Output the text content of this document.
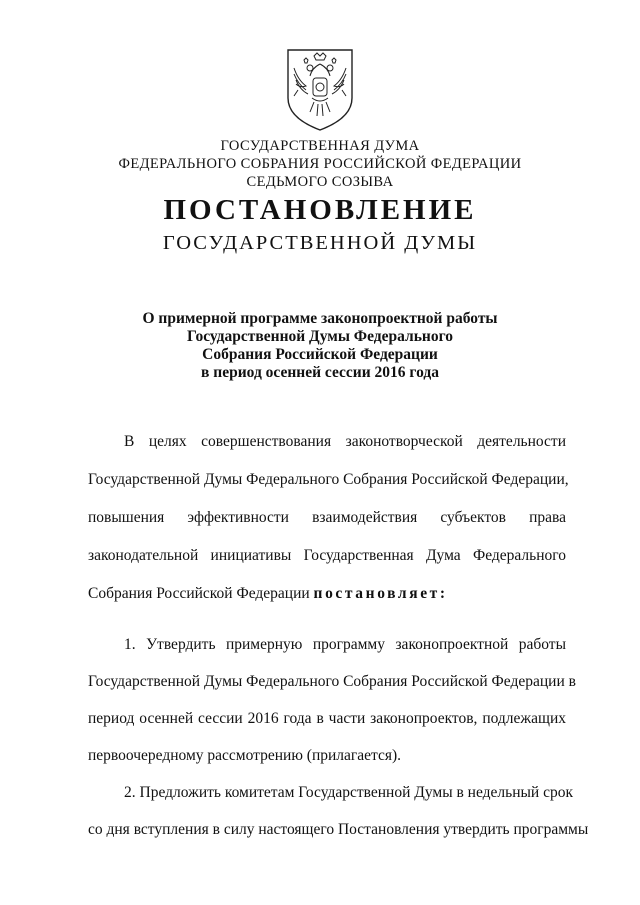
ГОСУДАРСТВЕННАЯ ДУМА
ФЕДЕРАЛЬНОГО СОБРАНИЯ РОССИЙСКОЙ ФЕДЕРАЦИИ
СЕДЬМОГО СОЗЫВА
ПОСТАНОВЛЕНИЕ
ГОСУДАРСТВЕННОЙ ДУМЫ
О примерной программе законопроектной работы
Государственной Думы Федерального
Собрания Российской Федерации
в период осенней сессии 2016 года
В целях совершенствования законотворческой деятельности
Государственной Думы Федерального Собрания Российской Федерации,
повышения эффективности взаимодействия субъектов права
законодательной инициативы Государственная Дума Федерального
Собрания Российской Федерации постановляет:
1. Утвердить примерную программу законопроектной работы
Государственной Думы Федерального Собрания Российской Федерации в
период осенней сессии 2016 года в части законопроектов, подлежащих
первоочередному рассмотрению (прилагается).
2. Предложить комитетам Государственной Думы в недельный срок
со дня вступления в силу настоящего Постановления утвердить программы
